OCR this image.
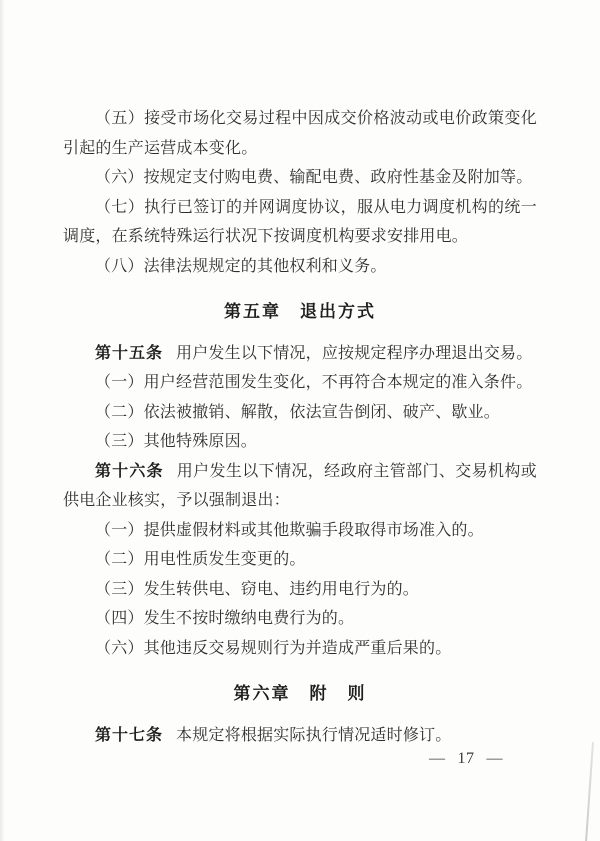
（五）接受市场化交易过程中因成交价格波动或电价政策变化引起的生产运营成本变化。

（六）按规定支付购电费、输配电费、政府性基金及附加等。

（七）执行已签订的并网调度协议，服从电力调度机构的统一调度，在系统特殊运行状况下按调度机构要求安排用电。

（八）法律法规规定的其他权利和义务。

第五章　退出方式

第十五条 用户发生以下情况，应按规定程序办理退出交易。

（一）用户经营范围发生变化，不再符合本规定的准入条件。

（二）依法被撤销、解散，依法宣告倒闭、破产、歇业。

（三）其他特殊原因。

第十六条 用户发生以下情况，经政府主管部门、交易机构或供电企业核实，予以强制退出：

（一）提供虚假材料或其他欺骗手段取得市场准入的。

（二）用电性质发生变更的。

（三）发生转供电、窃电、违约用电行为的。

（四）发生不按时缴纳电费行为的。

（六）其他违反交易规则行为并造成严重后果的。

第六章　附　则

第十七条 本规定将根据实际执行情况适时修订。

— 17 —
